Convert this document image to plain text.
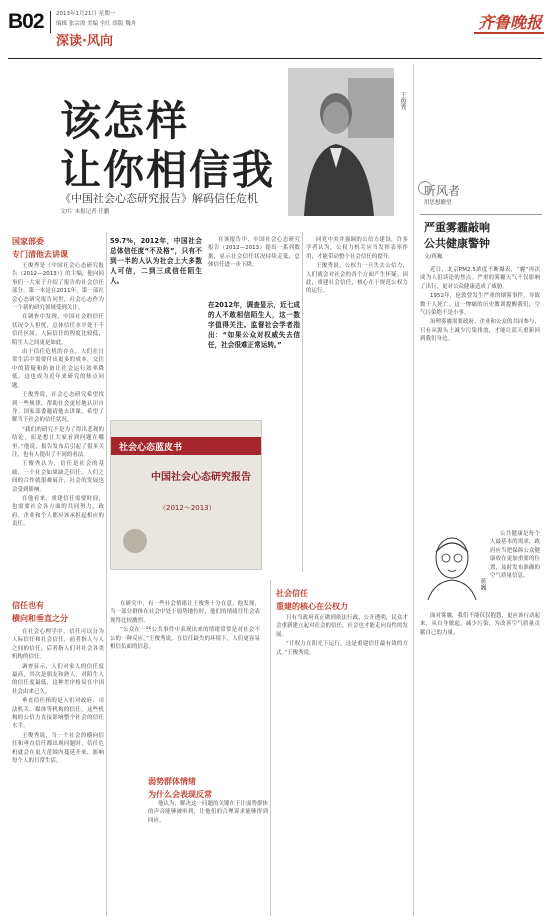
B02 2013年1月21日 星期一
编辑 张宗浚 美编 全红 组版 魏舟
深读·风向
齐鲁晚报
该怎样
让你相信我
《中国社会心态研究报告》解码信任危机
文/片 本报记者 任鹏
王俊秀
听风者
用思想瞭望
严重雾霾敲响
公共健康警钟
文/蒋巍

近日，北京PM2.5浓度不断爆表，“霾”再次成为人们谈论的焦点。严重的雾霾天气不仅影响了出行，更对公众健康造成了威胁。

1952年，伦敦曾发生严重的烟雾事件，导致数千人死亡。这一惨痛的历史教训提醒我们，空气污染绝不是小事。

治理雾霾需要政府、企业和公众的共同参与，只有从源头上减少污染排放，才能让蓝天重新回到我们身边。

蒋巍

公共健康是每个人最基本的需求，政府应当把保障公众健康放在更加重要的位置，及时发布准确的空气质量信息。

面对雾霾，我们不能仅仅抱怨，更应该行动起来，从自身做起，减少污染，为改善空气质量贡献自己的力量。

国家部委
专门清他去讲课

王俊秀是《中国社会心态研究报告（2012—2013）》的主编，他向同事们一大家子介绍了报告的社会信任部分，第一本是在2011年，第一部社会心态研究报告问世，社会心态作为一个新的研究领域受到关注。

在调查中发现，中国社会的信任状况令人担忧，总体信任水平处于不信任区间。人际信任的程度比较低，陌生人之间更是如此。

由于信任危机的存在，人们在日常生活中需要付出更多的成本，交往中的猜疑和防备让社会运行效率降低，这也成为近年来研究的热点问题。

王俊秀说，社会心态研究希望找到一些规律，帮助社会更好地认识自身。国家部委邀请他去讲课，希望了解当下社会的信任状况。

“我们的研究不是为了得出悲观的结论，而是想让大家看到问题在哪里。”他说，报告发布后引起了很多关注，也有人提出了不同的看法。

王俊秀认为，信任是社会的基础，一个社会如果缺乏信任，人们之间的合作就很难展开，社会的发展也会受到影响。

在他看来，重建信任需要时间，也需要社会各方面的共同努力，政府、企业和个人都应该承担起相应的责任。

信任也有
横向和垂直之分

在社会心理学中，信任可以分为人际信任和社会信任，前者指人与人之间的信任，后者指人们对社会各类机构的信任。

调查显示，人们对家人的信任度最高，其次是朋友和熟人，对陌生人的信任度最低，这种差序格局在中国社会由来已久。

垂直信任指的是人们对政府、司法机关、媒体等机构的信任，这些机构的公信力直接影响整个社会的信任水平。

王俊秀说，当一个社会的横向信任和垂直信任都出现问题时，信任危机就会在更大范围内蔓延开来，影响每个人的日常生活。

59.7%，2012年，中国社会总体信任度“不及格”，只有不到一半的人认为社会上大多数人可信，二到三成信任陌生人。

在该报告中，中国社会心态研究报告（2012—2013）提出一系列数据，显示社会信任状况持续走低，总体信任进一步下降。

在2012年，调查显示，近七成的人不敢相信陌生人，这一数字值得关注。监督社会学者指出：“如果公众对权威失去信任，社会很难正常运转。”
社会心态蓝皮书
中国社会心态研究报告
（2012～2013）
弱势群体情绪
为什么会表现反常

在研究中，有一些社会情绪让王俊秀十分在意。他发现，当一部分群体在社会中处于弱势地位时，他们的情绪往往会表现得比较激烈。

“公众在一些公共事件中表现出来的情绪常常是对社会不公的一种反应。”王俊秀说，在信任缺失的环境下，人们更容易相信负面的信息。

他认为，解决这一问题的关键在于让弱势群体的声音能够被听到，让他们的合理诉求能够得到回应。

同党中央并强调的公信力建设，许多学者认为，公权力机关应当发挥表率作用，才能带动整个社会信任的提升。

王俊秀说，公权力一旦失去公信力，人们就会对社会的各个方面产生怀疑。因此，重建社会信任，核心在于规范公权力的运行。

社会信任
重建的核心在公权力

只有当政府真正做到依法行政、公开透明，民众才会重新建立起对社会的信任，社会也才能走向良性的发展。

“让权力在阳光下运行，这是重建信任最有效的方式。”王俊秀说。
